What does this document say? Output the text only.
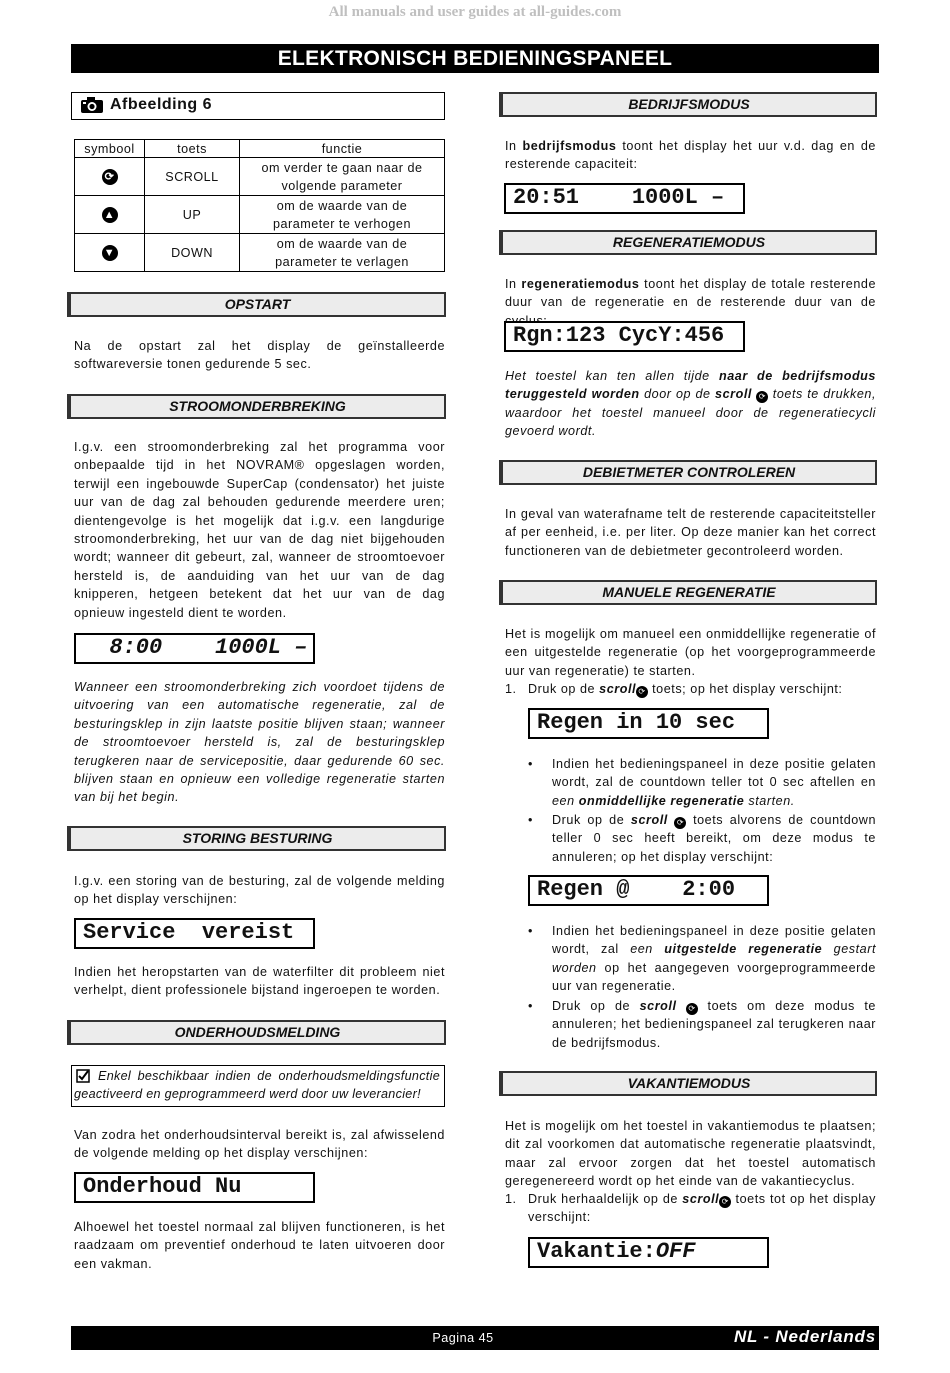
All manuals and user guides at all-guides.com
ELEKTRONISCH BEDIENINGSPANEEL
Afbeelding 6
symbool	toets	functie
⟳	SCROLL	om verder te gaan naar de
volgende parameter
▲	UP	om de waarde van de
parameter te verhogen
▼	DOWN	om de waarde van de
parameter te verlagen
OPSTART
Na de opstart zal het display de geïnstalleerde softwareversie tonen gedurende 5 sec.
STROOMONDERBREKING
I.g.v. een stroomonderbreking zal het programma voor onbepaalde tijd in het NOVRAM® opgeslagen worden, terwijl een ingebouwde SuperCap (condensator) het juiste uur van de dag zal behouden gedurende meerdere uren; dientengevolge is het mogelijk dat i.g.v. een langdurige stroomonderbreking, het uur van de dag niet bijgehouden wordt; wanneer dit gebeurt, zal, wanneer de stroomtoevoer hersteld is, de aanduiding van het uur van de dag knipperen, hetgeen betekent dat het uur van de dag opnieuw ingesteld dient te worden.
8:00    1000L –
Wanneer een stroomonderbreking zich voordoet tijdens de uitvoering van een automatische regeneratie, zal de besturingsklep in zijn laatste positie blijven staan; wanneer de stroomtoevoer hersteld is, zal de besturingsklep terugkeren naar de servicepositie, daar gedurende 60 sec. blijven staan en opnieuw een volledige regeneratie starten van bij het begin.
STORING BESTURING
I.g.v. een storing van de besturing, zal de volgende melding op het display verschijnen:
Service  vereist
Indien het heropstarten van de waterfilter dit probleem niet verhelpt, dient professionele bijstand ingeroepen te worden.
ONDERHOUDSMELDING
Enkel beschikbaar indien de onderhoudsmeldingsfunctie geactiveerd en geprogrammeerd werd door uw leverancier!
Van zodra het onderhoudsinterval bereikt is, zal afwisselend de volgende melding op het display verschijnen:
Onderhoud Nu
Alhoewel het toestel normaal zal blijven functioneren, is het raadzaam om preventief onderhoud te laten uitvoeren door een vakman.
BEDRIJFSMODUS
In bedrijfsmodus toont het display het uur v.d. dag en de resterende capaciteit:
20:51    1000L –
REGENERATIEMODUS
In regeneratiemodus toont het display de totale resterende duur van de regeneratie en de resterende duur van de
Rgn:123 CycY:456
Het toestel kan ten allen tijde naar de bedrijfsmodus teruggesteld worden door op de scroll ⟳ toets te drukken, waardoor het toestel manueel door de regeneratiecycli gevoerd wordt.
DEBIETMETER CONTROLEREN
In geval van waterafname telt de resterende capaciteitsteller af per eenheid, i.e. per liter. Op deze manier kan het correct functioneren van de debietmeter gecontroleerd worden.
MANUELE REGENERATIE
Het is mogelijk om manueel een onmiddellijke regeneratie of een uitgestelde regeneratie (op het voorgeprogrammeerde uur van regeneratie) te starten.
1. Druk op de scroll ⟳ toets; op het display verschijnt:
Regen in 10 sec
• Indien het bedieningspaneel in deze positie gelaten wordt, zal de countdown teller tot 0 sec aftellen en een onmiddellijke regeneratie starten.
• Druk op de scroll ⟳ toets alvorens de countdown teller 0 sec heeft bereikt, om deze modus te annuleren; op het display verschijnt:
Regen @    2:00
• Indien het bedieningspaneel in deze positie gelaten wordt, zal een uitgestelde regeneratie gestart worden op het aangegeven voorgeprogrammeerde uur van regeneratie.
• Druk op de scroll ⟳ toets om deze modus te annuleren; het bedieningspaneel zal terugkeren naar de bedrijfsmodus.
VAKANTIEMODUS
Het is mogelijk om het toestel in vakantiemodus te plaatsen; dit zal voorkomen dat automatische regeneratie plaatsvindt, maar zal ervoor zorgen dat het toestel automatisch geregenereerd wordt op het einde van de vakantiecyclus.
1. Druk herhaaldelijk op de scroll ⟳ toets tot op het display verschijnt:
Vakantie:OFF
Pagina 45	NL - Nederlands
